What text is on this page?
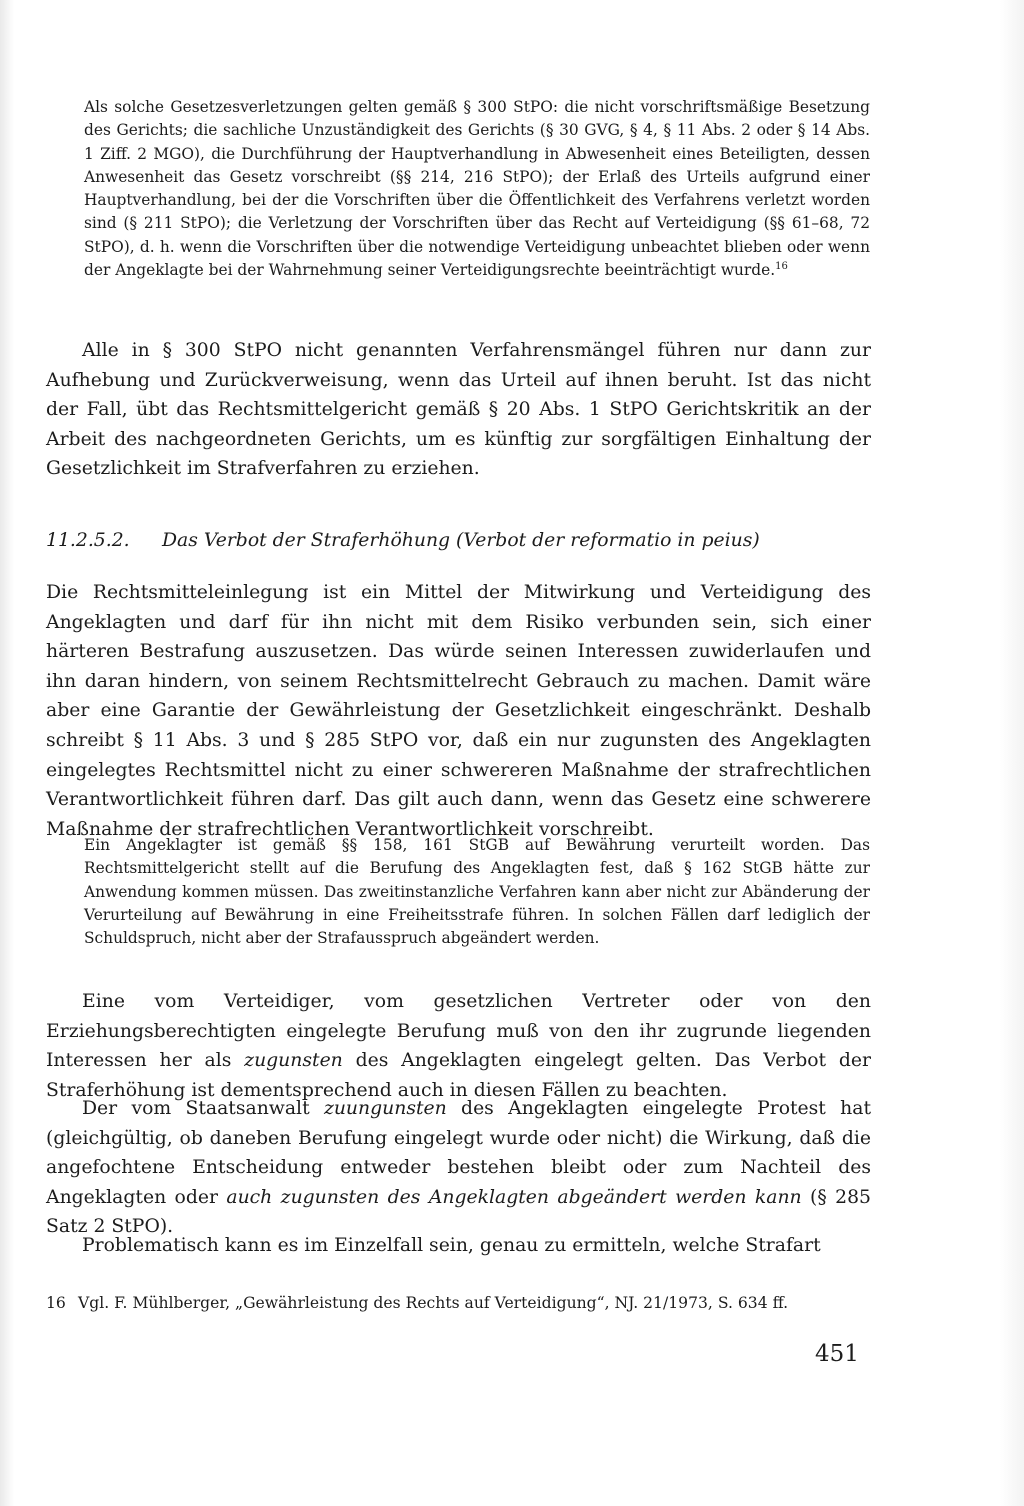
Als solche Gesetzesverletzungen gelten gemäß § 300 StPO: die nicht vorschriftsmäßige Besetzung des Gerichts; die sachliche Unzuständigkeit des Gerichts (§ 30 GVG, § 4, § 11 Abs. 2 oder § 14 Abs. 1 Ziff. 2 MGO), die Durchführung der Hauptverhandlung in Abwesenheit eines Beteiligten, dessen Anwesenheit das Gesetz vorschreibt (§§ 214, 216 StPO); der Erlaß des Urteils aufgrund einer Hauptverhandlung, bei der die Vorschriften über die Öffentlichkeit des Verfahrens verletzt worden sind (§ 211 StPO); die Verletzung der Vorschriften über das Recht auf Verteidigung (§§ 61–68, 72 StPO), d. h. wenn die Vorschriften über die notwendige Verteidigung unbeachtet blieben oder wenn der Angeklagte bei der Wahrnehmung seiner Verteidigungsrechte beeinträchtigt wurde.$^{16}$

Alle in § 300 StPO nicht genannten Verfahrensmängel führen nur dann zur Aufhebung und Zurückverweisung, wenn das Urteil auf ihnen beruht. Ist das nicht der Fall, übt das Rechtsmittelgericht gemäß § 20 Abs. 1 StPO Gerichtskritik an der Arbeit des nachgeordneten Gerichts, um es künftig zur sorgfältigen Einhaltung der Gesetzlichkeit im Strafverfahren zu erziehen.

11.2.5.2. Das Verbot der Straferhöhung (Verbot der reformatio in peius)

Die Rechtsmitteleinlegung ist ein Mittel der Mitwirkung und Verteidigung des Angeklagten und darf für ihn nicht mit dem Risiko verbunden sein, sich einer härteren Bestrafung auszusetzen. Das würde seinen Interessen zuwiderlaufen und ihn daran hindern, von seinem Rechtsmittelrecht Gebrauch zu machen. Damit wäre aber eine Garantie der Gewährleistung der Gesetzlichkeit eingeschränkt. Deshalb schreibt § 11 Abs. 3 und § 285 StPO vor, daß ein nur zugunsten des Angeklagten eingelegtes Rechtsmittel nicht zu einer schwereren Maßnahme der strafrechtlichen Verantwortlichkeit führen darf. Das gilt auch dann, wenn das Gesetz eine schwerere Maßnahme der strafrechtlichen Verantwortlichkeit vorschreibt.

Ein Angeklagter ist gemäß §§ 158, 161 StGB auf Bewährung verurteilt worden. Das Rechtsmittelgericht stellt auf die Berufung des Angeklagten fest, daß § 162 StGB hätte zur Anwendung kommen müssen. Das zweitinstanzliche Verfahren kann aber nicht zur Abänderung der Verurteilung auf Bewährung in eine Freiheitsstrafe führen. In solchen Fällen darf lediglich der Schuldspruch, nicht aber der Strafausspruch abgeändert werden.

Eine vom Verteidiger, vom gesetzlichen Vertreter oder von den Erziehungsberechtigten eingelegte Berufung muß von den ihr zugrunde liegenden Interessen her als zugunsten des Angeklagten eingelegt gelten. Das Verbot der Straferhöhung ist dementsprechend auch in diesen Fällen zu beachten.

Der vom Staatsanwalt zuungunsten des Angeklagten eingelegte Protest hat (gleichgültig, ob daneben Berufung eingelegt wurde oder nicht) die Wirkung, daß die angefochtene Entscheidung entweder bestehen bleibt oder zum Nachteil des Angeklagten oder auch zugunsten des Angeklagten abgeändert werden kann (§ 285 Satz 2 StPO).

Problematisch kann es im Einzelfall sein, genau zu ermitteln, welche Strafart

16 Vgl. F. Mühlberger, „Gewährleistung des Rechts auf Verteidigung“, NJ. 21/1973, S. 634 ff.
451
